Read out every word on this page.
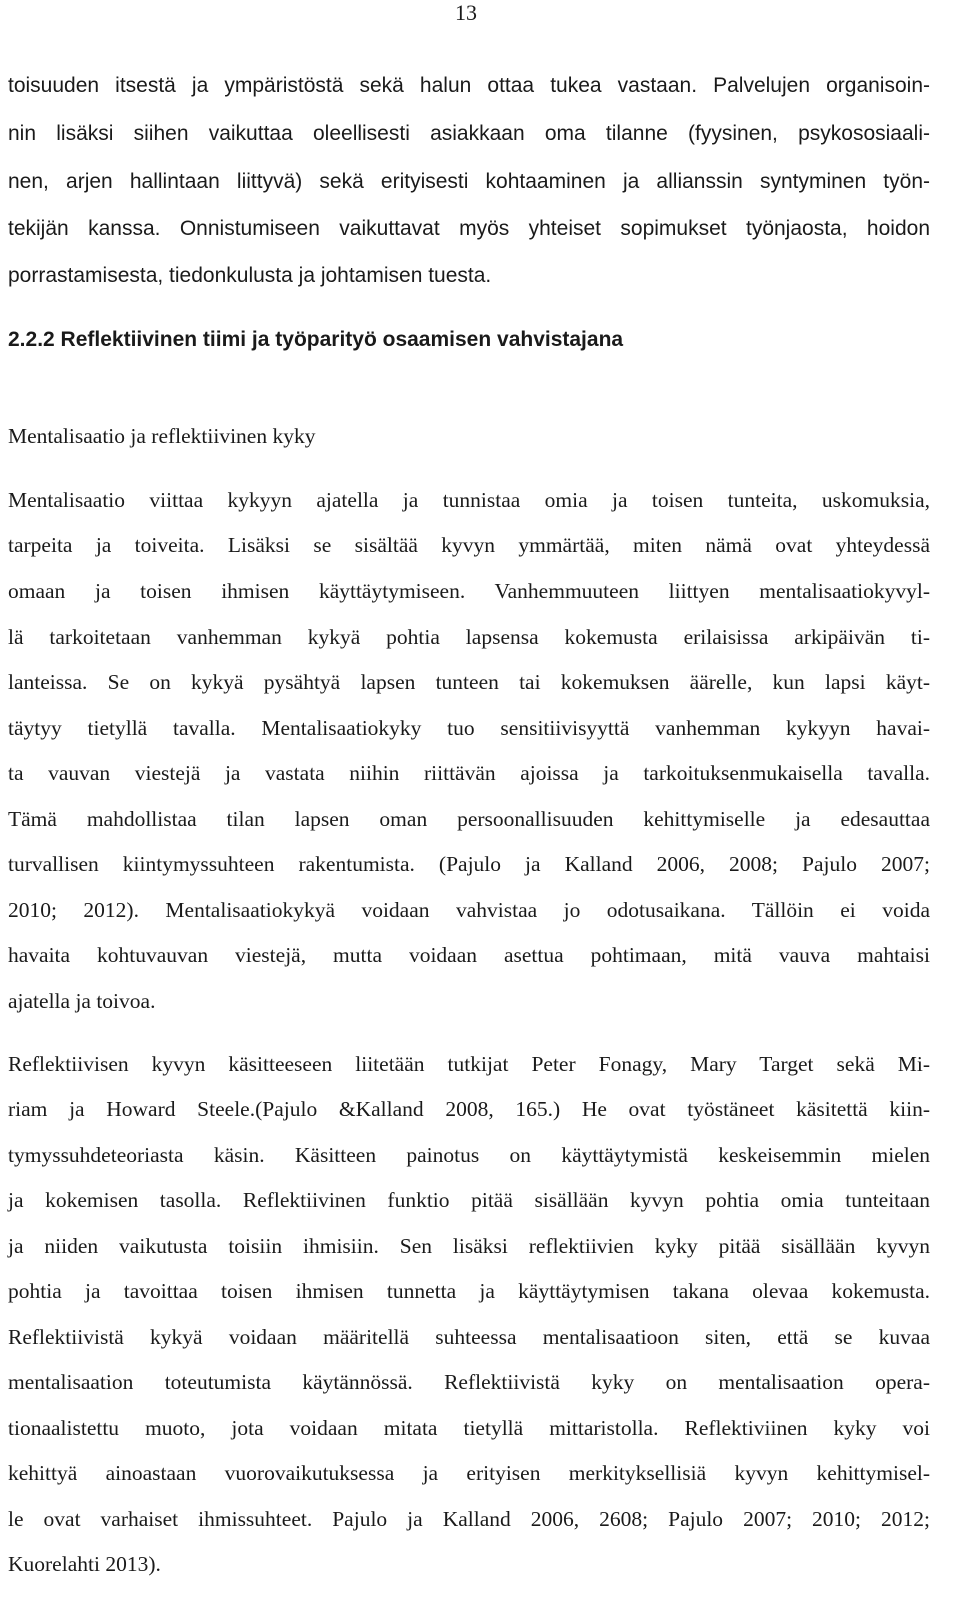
13
toisuuden itsestä ja ympäristöstä sekä halun ottaa tukea vastaan. Palvelujen organisoin-
nin lisäksi siihen vaikuttaa oleellisesti asiakkaan oma tilanne (fyysinen, psykososiaali-
nen, arjen hallintaan liittyvä) sekä erityisesti kohtaaminen ja allianssin syntyminen työn-
tekijän kanssa. Onnistumiseen vaikuttavat myös yhteiset sopimukset työnjaosta, hoidon
porrastamisesta, tiedonkulusta ja johtamisen tuesta.
2.2.2 Reflektiivinen tiimi ja työparityö osaamisen vahvistajana
Mentalisaatio ja reflektiivinen kyky
Mentalisaatio viittaa kykyyn ajatella ja tunnistaa omia ja toisen tunteita, uskomuksia,
tarpeita ja toiveita. Lisäksi se sisältää kyvyn ymmärtää, miten nämä ovat yhteydessä
omaan ja toisen ihmisen käyttäytymiseen. Vanhemmuuteen liittyen mentalisaatiokyvyl-
lä tarkoitetaan vanhemman kykyä pohtia lapsensa kokemusta erilaisissa arkipäivän ti-
lanteissa. Se on kykyä pysähtyä lapsen tunteen tai kokemuksen äärelle, kun lapsi käyt-
täytyy tietyllä tavalla. Mentalisaatiokyky tuo sensitiivisyyttä vanhemman kykyyn havai-
ta vauvan viestejä ja vastata niihin riittävän ajoissa ja tarkoituksenmukaisella tavalla.
Tämä mahdollistaa tilan lapsen oman persoonallisuuden kehittymiselle ja edesauttaa
turvallisen kiintymyssuhteen rakentumista. (Pajulo ja Kalland 2006, 2008; Pajulo 2007;
2010; 2012). Mentalisaatiokykyä voidaan vahvistaa jo odotusaikana. Tällöin ei voida
havaita kohtuvauvan viestejä, mutta voidaan asettua pohtimaan, mitä vauva mahtaisi
ajatella ja toivoa.
Reflektiivisen kyvyn käsitteeseen liitetään tutkijat Peter Fonagy, Mary Target sekä Mi-
riam ja Howard Steele.(Pajulo &Kalland 2008, 165.) He ovat työstäneet käsitettä kiin-
tymyssuhdeteoriasta käsin. Käsitteen painotus on käyttäytymistä keskeisemmin mielen
ja kokemisen tasolla. Reflektiivinen funktio pitää sisällään kyvyn pohtia omia tunteitaan
ja niiden vaikutusta toisiin ihmisiin. Sen lisäksi reflektiivien kyky pitää sisällään kyvyn
pohtia ja tavoittaa toisen ihmisen tunnetta ja käyttäytymisen takana olevaa kokemusta.
Reflektiivistä kykyä voidaan määritellä suhteessa mentalisaatioon siten, että se kuvaa
mentalisaation toteutumista käytännössä. Reflektiivistä kyky on mentalisaation opera-
tionaalistettu muoto, jota voidaan mitata tietyllä mittaristolla. Reflektiviinen kyky voi
kehittyä ainoastaan vuorovaikutuksessa ja erityisen merkityksellisiä kyvyn kehittymisel-
le ovat varhaiset ihmissuhteet. Pajulo ja Kalland 2006, 2608; Pajulo 2007; 2010; 2012;
Kuorelahti 2013).
